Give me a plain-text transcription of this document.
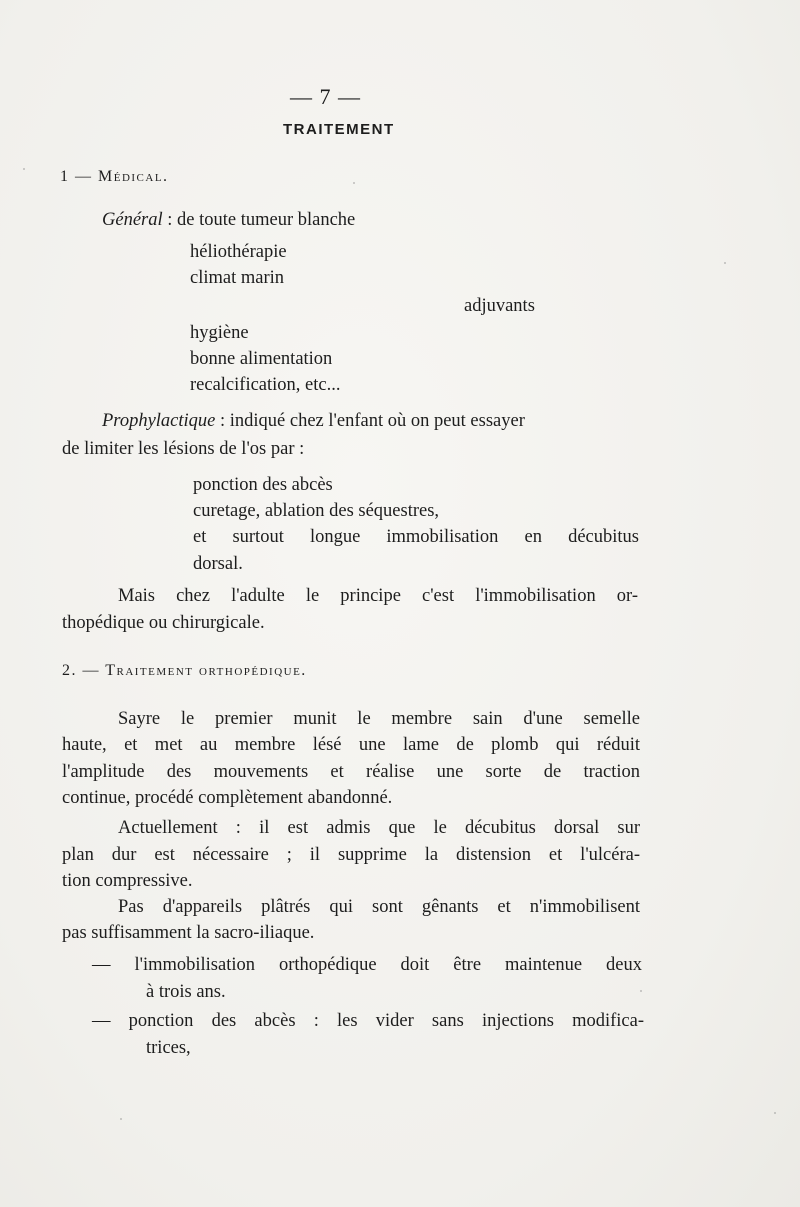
— 7 —
TRAITEMENT
1 — Médical.
Général : de toute tumeur blanche
héliothérapie
climat marin
adjuvants
hygiène
bonne alimentation
recalcification, etc...
Prophylactique : indiqué chez l'enfant où on peut essayer
de limiter les lésions de l'os par :
ponction des abcès
curetage, ablation des séquestres,
et surtout longue immobilisation en décubitus
dorsal.
Mais chez l'adulte le principe c'est l'immobilisation or-
thopédique ou chirurgicale.
2. — Traitement orthopédique.
Sayre le premier munit le membre sain d'une semelle
haute, et met au membre lésé une lame de plomb qui réduit
l'amplitude des mouvements et réalise une sorte de traction
continue, procédé complètement abandonné.
Actuellement : il est admis que le décubitus dorsal sur
plan dur est nécessaire ; il supprime la distension et l'ulcéra-
tion compressive.
Pas d'appareils plâtrés qui sont gênants et n'immobilisent
pas suffisamment la sacro-iliaque.
— l'immobilisation orthopédique doit être maintenue deux
à trois ans.
— ponction des abcès : les vider sans injections modifica-
trices,
